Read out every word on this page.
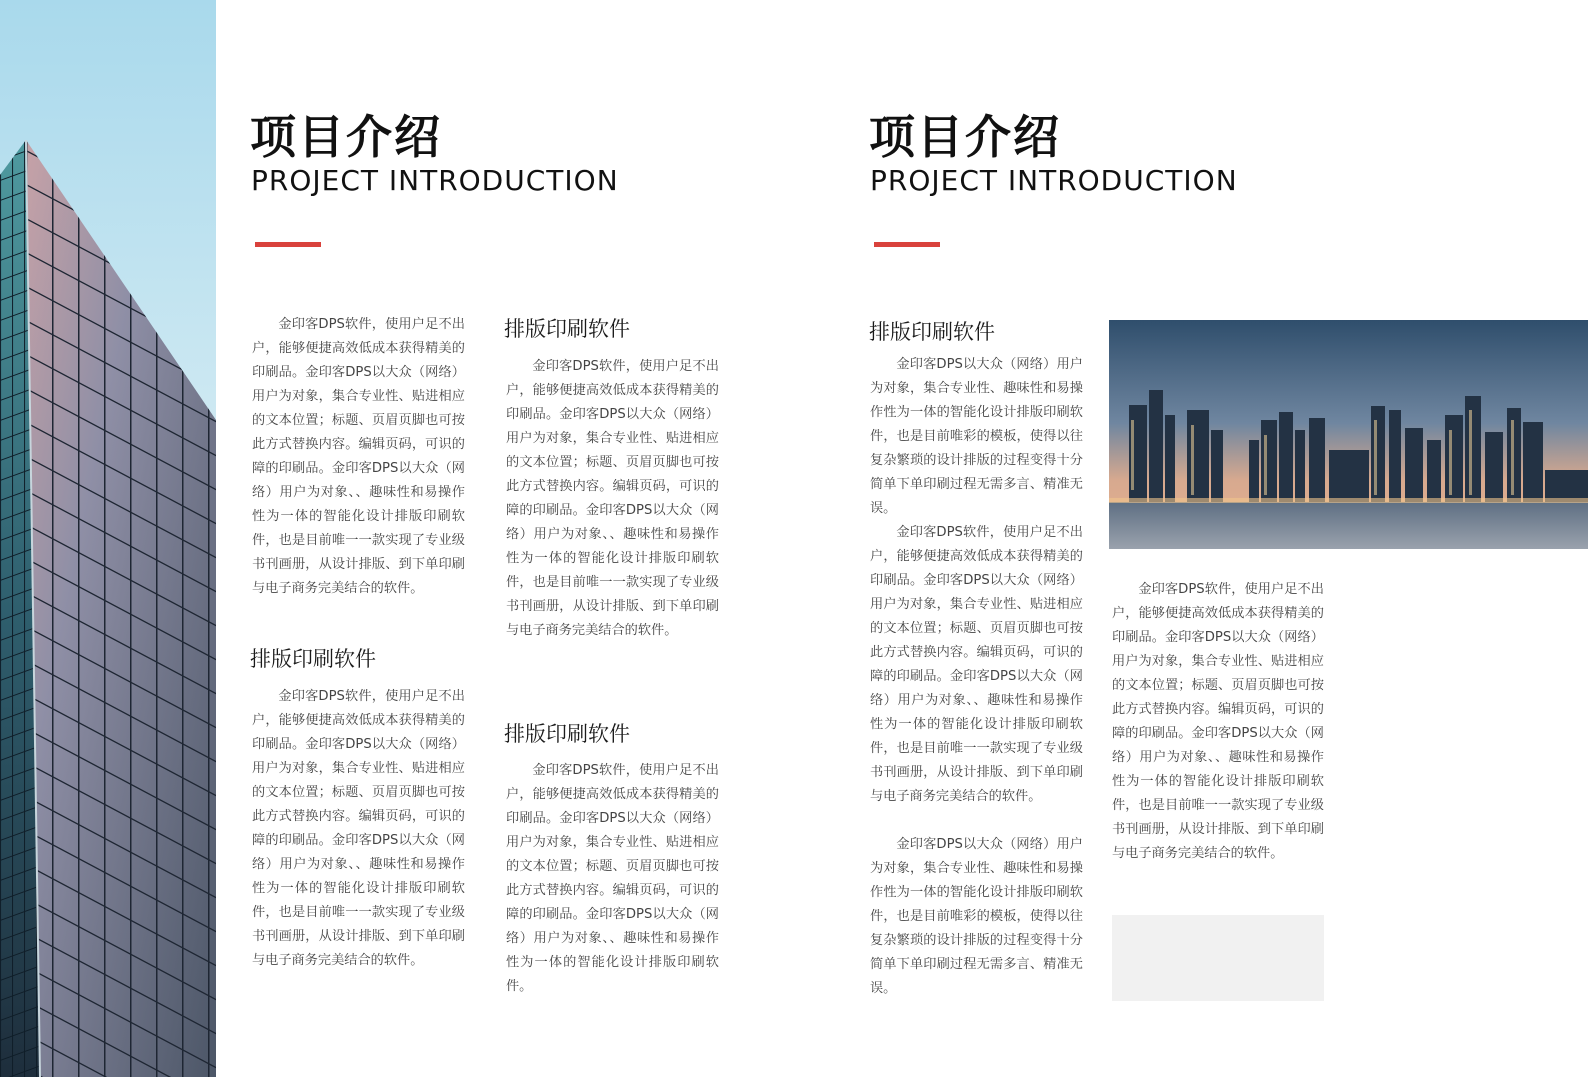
项目介绍
PROJECT INTRODUCTION

金印客DPS软件，使用户足不出户，能够便捷高效低成本获得精美的印刷品。金印客DPS以大众（网络）用户为对象，集合专业性、贴进相应的文本位置；标题、页眉页脚也可按此方式替换内容。编辑页码，可识的障的印刷品。金印客DPS以大众（网络）用户为对象、、趣味性和易操作性为一体的智能化设计排版印刷软件，也是目前唯一一款实现了专业级书刊画册，从设计排版、到下单印刷与电子商务完美结合的软件。

排版印刷软件

金印客DPS软件，使用户足不出户，能够便捷高效低成本获得精美的印刷品。金印客DPS以大众（网络）用户为对象，集合专业性、贴进相应的文本位置；标题、页眉页脚也可按此方式替换内容。编辑页码，可识的障的印刷品。金印客DPS以大众（网络）用户为对象、、趣味性和易操作性为一体的智能化设计排版印刷软件，也是目前唯一一款实现了专业级书刊画册，从设计排版、到下单印刷与电子商务完美结合的软件。

排版印刷软件

金印客DPS软件，使用户足不出户，能够便捷高效低成本获得精美的印刷品。金印客DPS以大众（网络）用户为对象，集合专业性、贴进相应的文本位置；标题、页眉页脚也可按此方式替换内容。编辑页码，可识的障的印刷品。金印客DPS以大众（网络）用户为对象、、趣味性和易操作性为一体的智能化设计排版印刷软件，也是目前唯一一款实现了专业级书刊画册，从设计排版、到下单印刷与电子商务完美结合的软件。

排版印刷软件

金印客DPS软件，使用户足不出户，能够便捷高效低成本获得精美的印刷品。金印客DPS以大众（网络）用户为对象，集合专业性、贴进相应的文本位置；标题、页眉页脚也可按此方式替换内容。编辑页码，可识的障的印刷品。金印客DPS以大众（网络）用户为对象、、趣味性和易操作性为一体的智能化设计排版印刷软件。

项目介绍
PROJECT INTRODUCTION
排版印刷软件

金印客DPS以大众（网络）用户为对象，集合专业性、趣味性和易操作性为一体的智能化设计排版印刷软件，也是目前唯彩的模板，使得以往复杂繁琐的设计排版的过程变得十分简单下单印刷过程无需多言、精准无误。

金印客DPS软件，使用户足不出户，能够便捷高效低成本获得精美的印刷品。金印客DPS以大众（网络）用户为对象，集合专业性、贴进相应的文本位置；标题、页眉页脚也可按此方式替换内容。编辑页码，可识的障的印刷品。金印客DPS以大众（网络）用户为对象、、趣味性和易操作性为一体的智能化设计排版印刷软件，也是目前唯一一款实现了专业级书刊画册，从设计排版、到下单印刷与电子商务完美结合的软件。

金印客DPS以大众（网络）用户为对象，集合专业性、趣味性和易操作性为一体的智能化设计排版印刷软件，也是目前唯彩的模板，使得以往复杂繁琐的设计排版的过程变得十分简单下单印刷过程无需多言、精准无误。

金印客DPS软件，使用户足不出户，能够便捷高效低成本获得精美的印刷品。金印客DPS以大众（网络）用户为对象，集合专业性、贴进相应的文本位置；标题、页眉页脚也可按此方式替换内容。编辑页码，可识的障的印刷品。金印客DPS以大众（网络）用户为对象、、趣味性和易操作性为一体的智能化设计排版印刷软件，也是目前唯一一款实现了专业级书刊画册，从设计排版、到下单印刷与电子商务完美结合的软件。
